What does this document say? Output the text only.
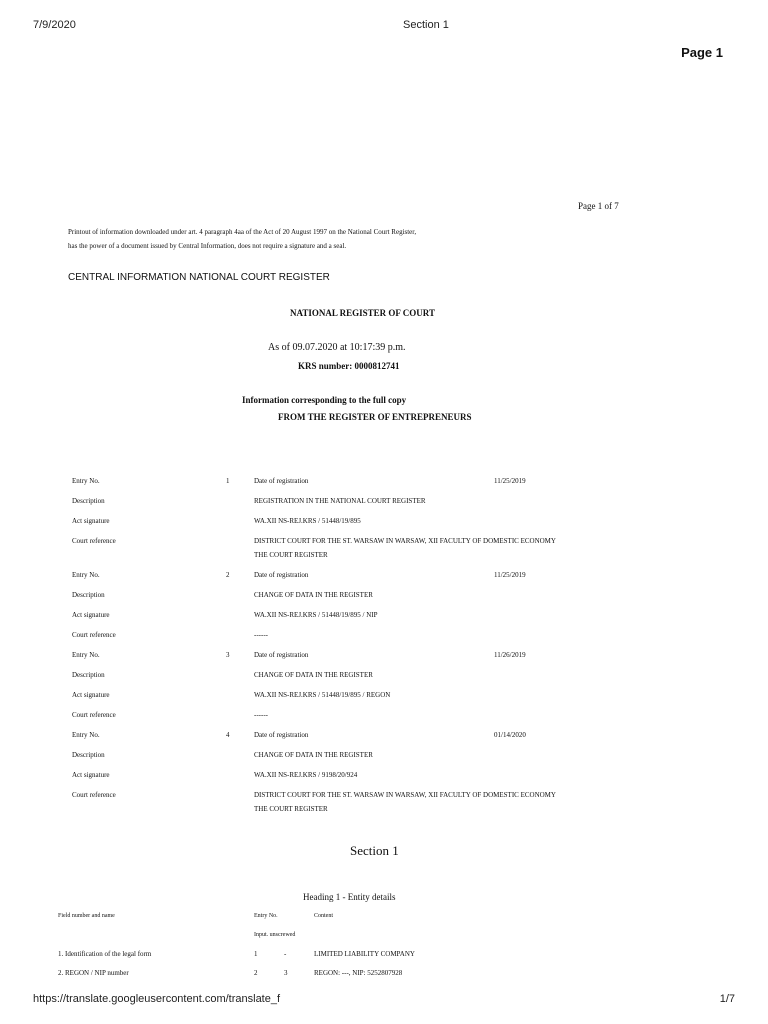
7/9/2020	Section 1
Page 1
Page 1 of 7
Printout of information downloaded under art. 4 paragraph 4aa of the Act of 20 August 1997 on the National Court Register,
has the power of a document issued by Central Information, does not require a signature and a seal.
CENTRAL INFORMATION NATIONAL COURT REGISTER
NATIONAL REGISTER OF COURT
As of 09.07.2020 at 10:17:39 p.m.
KRS number: 0000812741
Information corresponding to the full copy
FROM THE REGISTER OF ENTREPRENEURS
Entry No.	1	Date of registration	11/25/2019
Description	REGISTRATION IN THE NATIONAL COURT REGISTER
Act signature	WA.XII NS-REJ.KRS / 51448/19/895
Court reference	DISTRICT COURT FOR THE ST. WARSAW IN WARSAW, XII FACULTY OF DOMESTIC ECONOMY
THE COURT REGISTER
Entry No.	2	Date of registration	11/25/2019
Description	CHANGE OF DATA IN THE REGISTER
Act signature	WA.XII NS-REJ.KRS / 51448/19/895 / NIP
Court reference	------
Entry No.	3	Date of registration	11/26/2019
Description	CHANGE OF DATA IN THE REGISTER
Act signature	WA.XII NS-REJ.KRS / 51448/19/895 / REGON
Court reference	------
Entry No.	4	Date of registration	01/14/2020
Description	CHANGE OF DATA IN THE REGISTER
Act signature	WA.XII NS-REJ.KRS / 9198/20/924
Court reference	DISTRICT COURT FOR THE ST. WARSAW IN WARSAW, XII FACULTY OF DOMESTIC ECONOMY
THE COURT REGISTER
Section 1
Heading 1 - Entity details
Field number and name	Entry No.	Content
Input. unscrewed
1. Identification of the legal form	1	-	LIMITED LIABILITY COMPANY
2. REGON / NIP number	2	3	REGON: ---, NIP: 5252807928
https://translate.googleusercontent.com/translate_f	1/7
